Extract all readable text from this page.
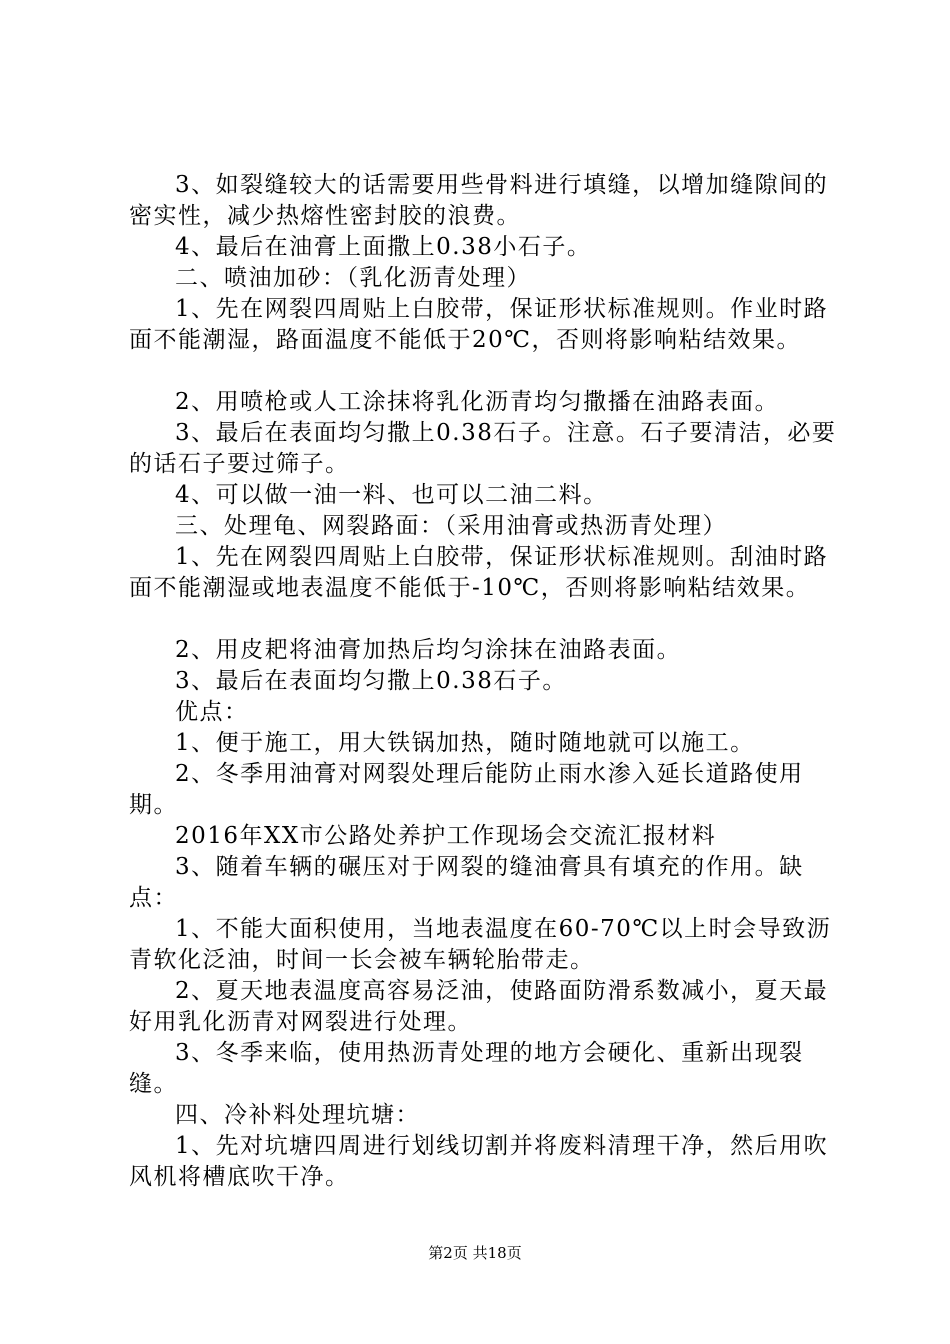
3、如裂缝较大的话需要用些骨料进行填缝，以增加缝隙间的密实性，减少热熔性密封胶的浪费。

4、最后在油膏上面撒上0.38小石子。

二、喷油加砂：（乳化沥青处理）

1、先在网裂四周贴上白胶带，保证形状标准规则。作业时路面不能潮湿，路面温度不能低于20℃，否则将影响粘结效果。

2、用喷枪或人工涂抹将乳化沥青均匀撒播在油路表面。

3、最后在表面均匀撒上0.38石子。注意。石子要清洁，必要的话石子要过筛子。

4、可以做一油一料、也可以二油二料。

三、处理龟、网裂路面：（采用油膏或热沥青处理）

1、先在网裂四周贴上白胶带，保证形状标准规则。刮油时路面不能潮湿或地表温度不能低于-10℃，否则将影响粘结效果。

2、用皮耙将油膏加热后均匀涂抹在油路表面。

3、最后在表面均匀撒上0.38石子。

优点：

1、便于施工，用大铁锅加热，随时随地就可以施工。

2、冬季用油膏对网裂处理后能防止雨水渗入延长道路使用期。

2016年XX市公路处养护工作现场会交流汇报材料

3、随着车辆的碾压对于网裂的缝油膏具有填充的作用。缺点：

1、不能大面积使用，当地表温度在60-70℃以上时会导致沥青软化泛油，时间一长会被车辆轮胎带走。

2、夏天地表温度高容易泛油，使路面防滑系数减小，夏天最好用乳化沥青对网裂进行处理。

3、冬季来临，使用热沥青处理的地方会硬化、重新出现裂缝。

四、冷补料处理坑塘：

1、先对坑塘四周进行划线切割并将废料清理干净，然后用吹风机将槽底吹干净。

第2页 共18页
